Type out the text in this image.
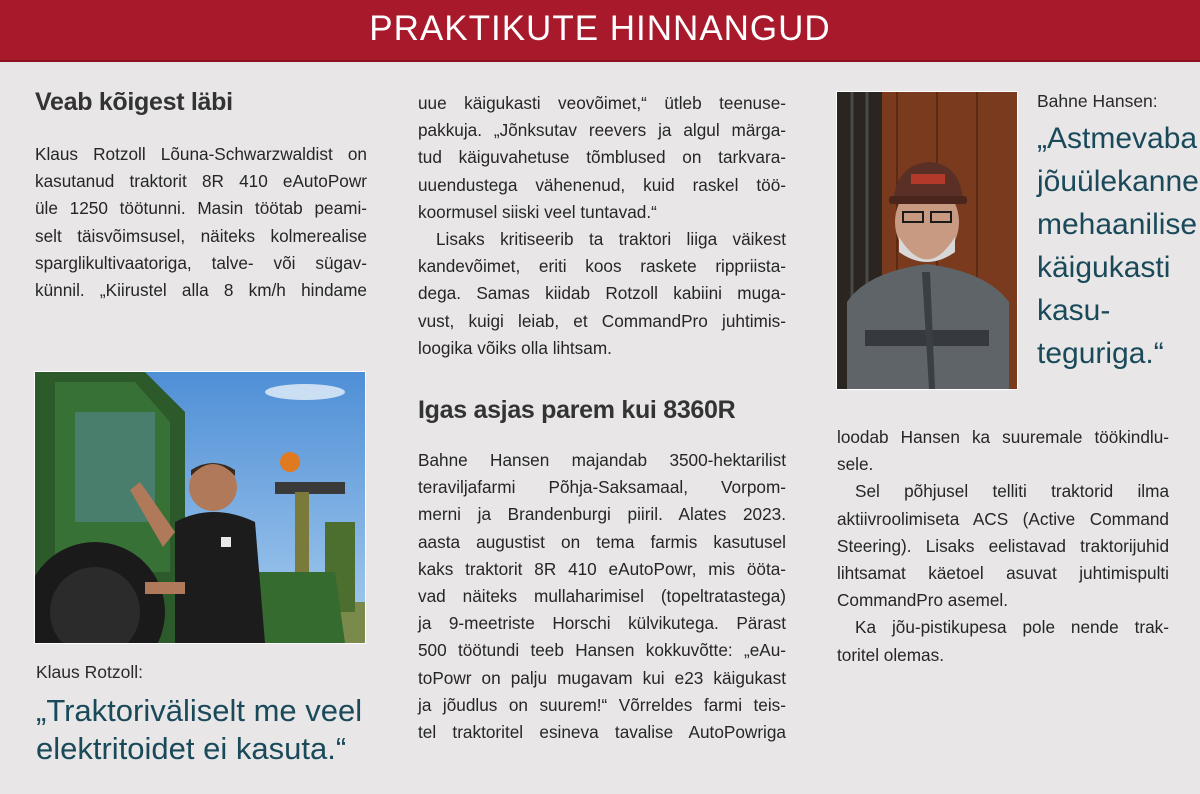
PRAKTIKUTE HINNANGUD
Veab kõigest läbi
Klaus Rotzoll Lõuna-Schwarzwaldist on
kasutanud traktorit 8R 410 eAutoPowr
üle 1250 töötunni. Masin töötab peami-
selt täisvõimsusel, näiteks kolmerealise
sparglikultivaatoriga, talve- või sügav-
künnil. „Kiirustel alla 8 km/h hindame
Klaus Rotzoll:
„Traktoriväliselt me veel
elektritoidet ei kasuta.“
uue käigukasti veovõimet,“ ütleb teenuse-
pakkuja. „Jõnksutav reevers ja algul märga-
tud käiguvahetuse tõmblused on tarkvara-
uuendustega vähenenud, kuid raskel töö-
koormusel siiski veel tuntavad.“
Lisaks kritiseerib ta traktori liiga väikest
kandevõimet, eriti koos raskete rippriista-
dega. Samas kiidab Rotzoll kabiini muga-
vust, kuigi leiab, et CommandPro juhtimis-
loogika võiks olla lihtsam.
Igas asjas parem kui 8360R
Bahne Hansen majandab 3500-hektarilist
teraviljafarmi Põhja-Saksamaal, Vorpom-
merni ja Brandenburgi piiril. Alates 2023.
aasta augustist on tema farmis kasutusel
kaks traktorit 8R 410 eAutoPowr, mis ööta-
vad näiteks mullaharimisel (topeltratastega)
ja 9-meetriste Horschi külvikutega. Pärast
500 töötundi teeb Hansen kokkuvõtte: „eAu-
toPowr on palju mugavam kui e23 käigukast
ja jõudlus on suurem!“ Võrreldes farmi teis-
tel traktoritel esineva tavalise AutoPowriga
Bahne Hansen:
„Astmevaba
jõuülekanne
mehaanilise
käigukasti
kasu-
teguriga.“
loodab Hansen ka suuremale töökindlu-
sele.
Sel põhjusel telliti traktorid ilma
aktiivroolimiseta ACS (Active Command
Steering). Lisaks eelistavad traktorijuhid
lihtsamat käetoel asuvat juhtimispulti
CommandPro asemel.
Ka jõu-pistikupesa pole nende trak-
toritel olemas.
